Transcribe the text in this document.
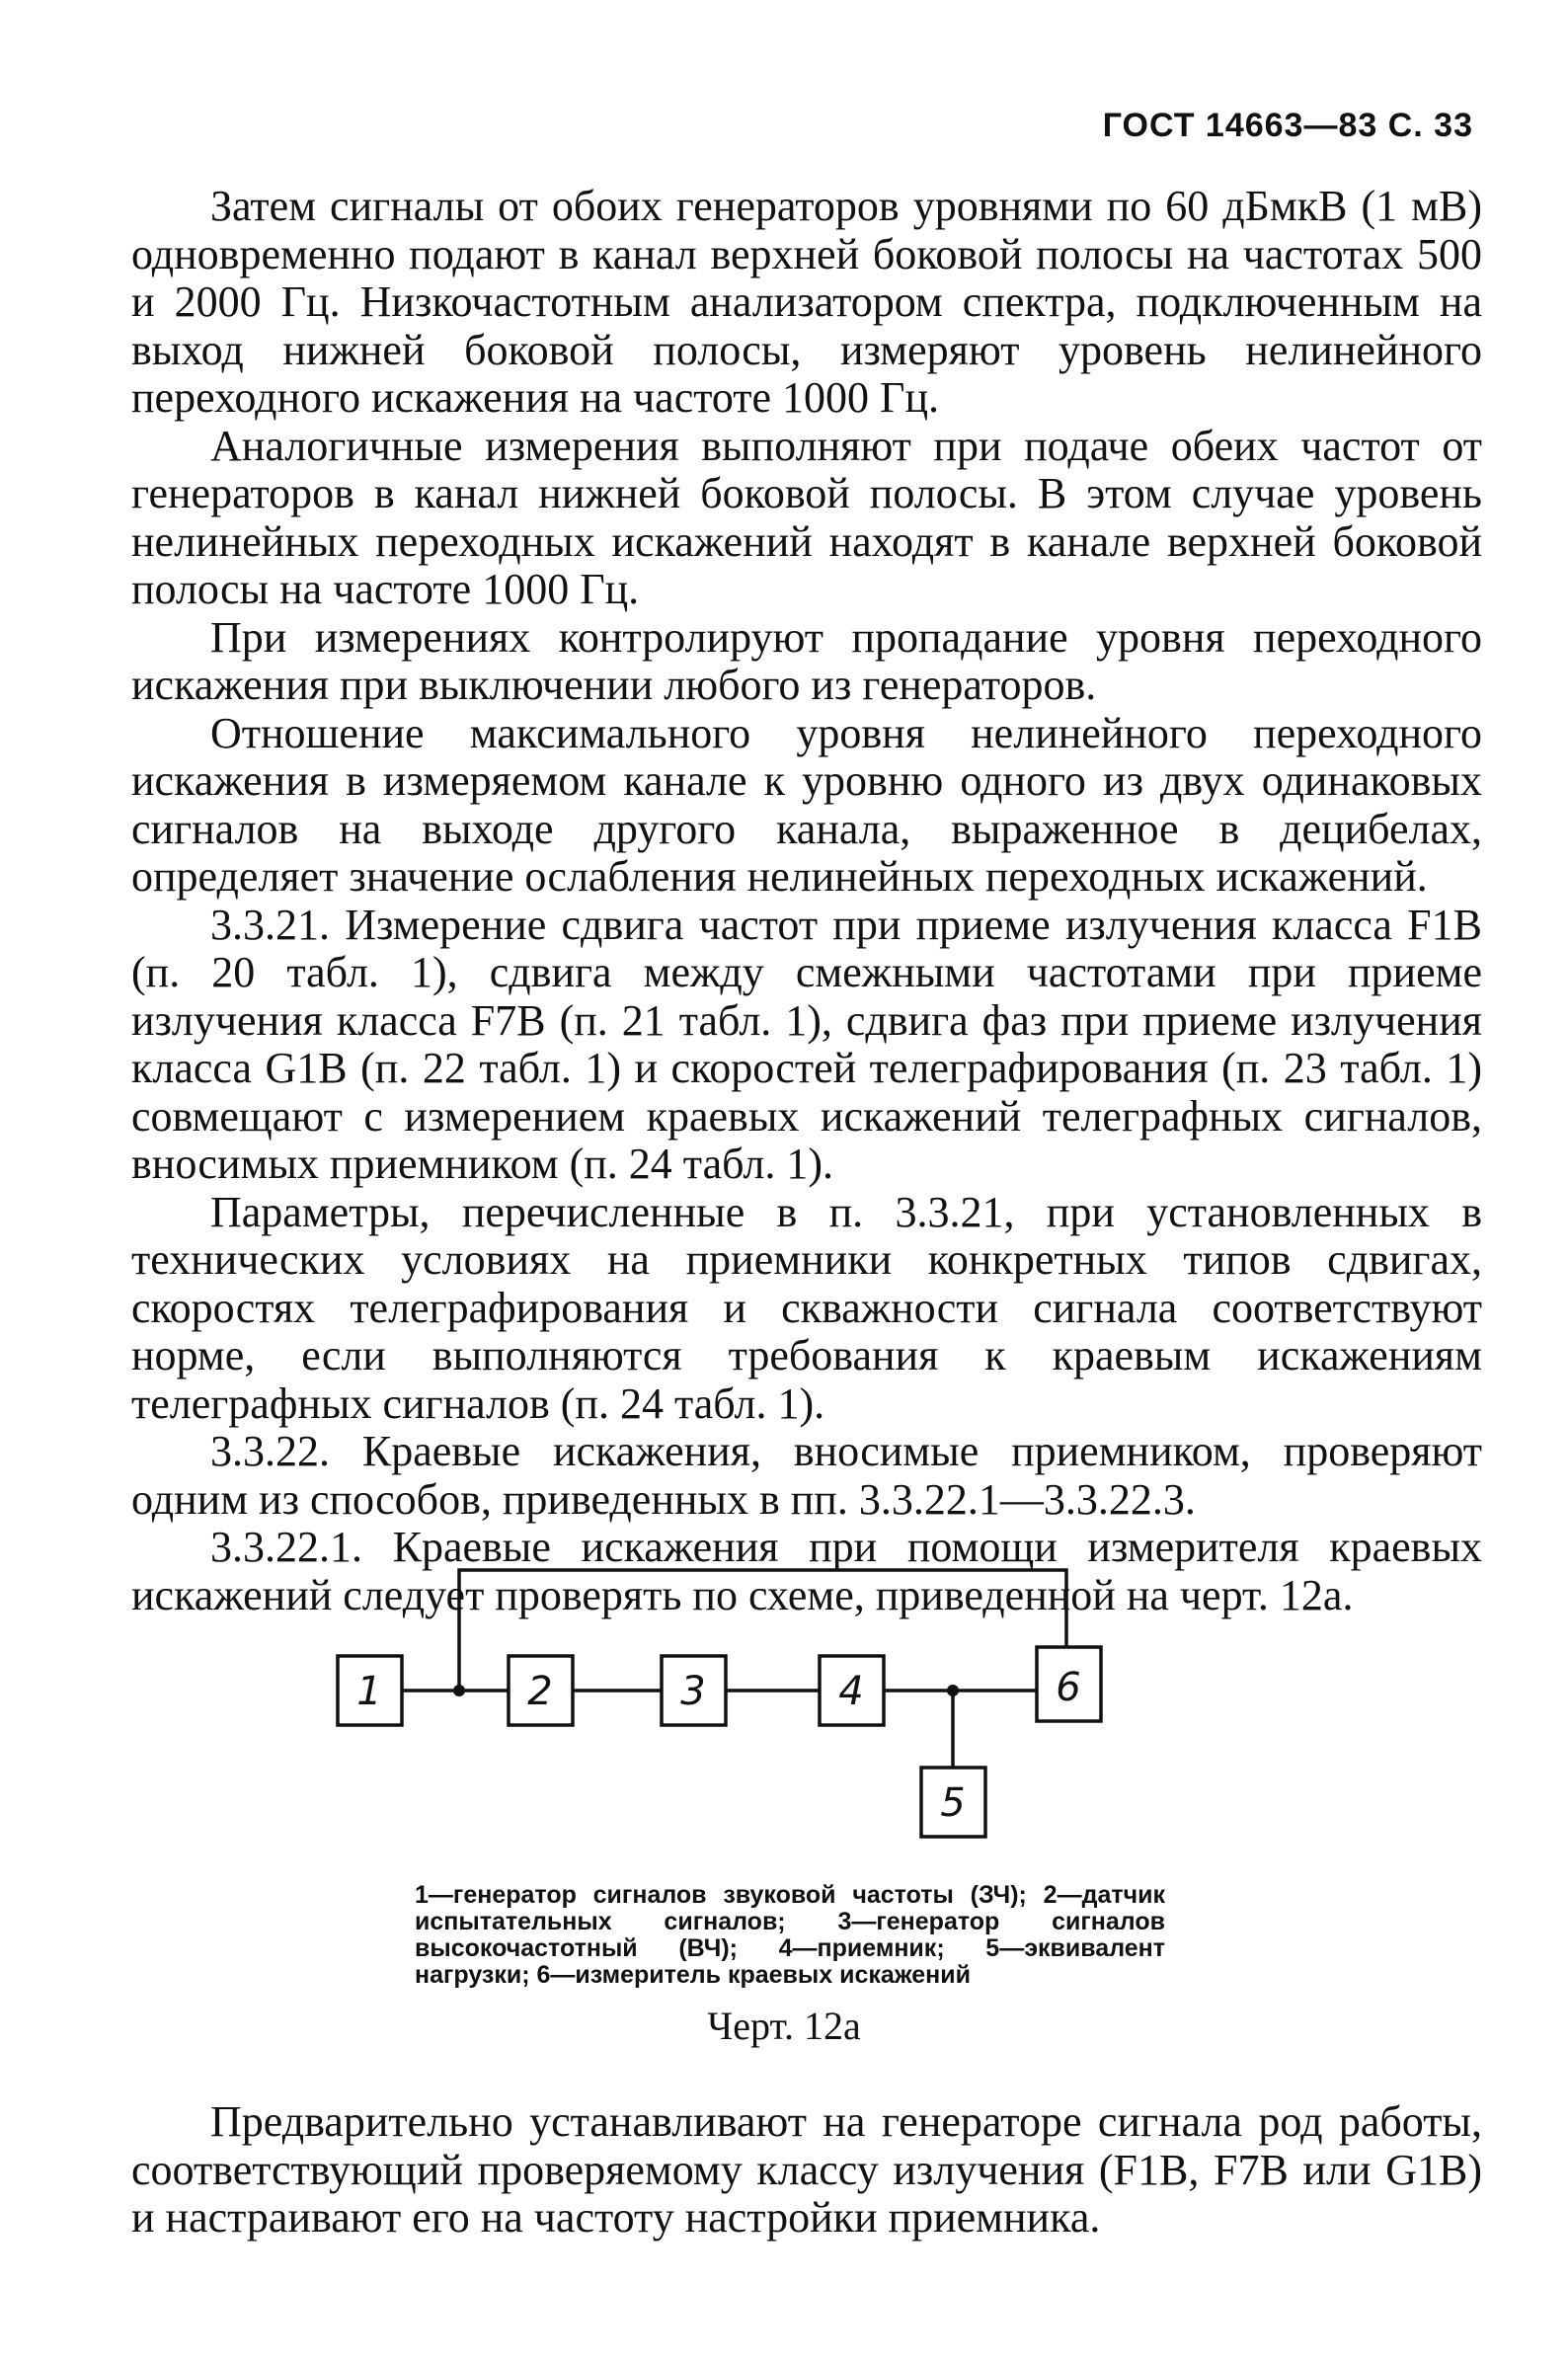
ГОСТ 14663—83 С. 33

Затем сигналы от обоих генераторов уровнями по 60 дБмкВ (1 мВ) одновременно подают в канал верхней боковой полосы на частотах 500 и 2000 Гц. Низкочастотным анализатором спектра, подключенным на выход нижней боковой полосы, измеряют уровень нелинейного переходного искажения на частоте 1000 Гц.

Аналогичные измерения выполняют при подаче обеих частот от генераторов в канал нижней боковой полосы. В этом случае уровень нелинейных переходных искажений находят в канале верхней боковой полосы на частоте 1000 Гц.

При измерениях контролируют пропадание уровня переходного искажения при выключении любого из генераторов.

Отношение максимального уровня нелинейного переходного искажения в измеряемом канале к уровню одного из двух одинаковых сигналов на выходе другого канала, выраженное в децибелах, определяет значение ослабления нелинейных переходных искажений.

3.3.21. Измерение сдвига частот при приеме излучения класса F1B (п. 20 табл. 1), сдвига между смежными частотами при приеме излучения класса F7B (п. 21 табл. 1), сдвига фаз при приеме излучения класса G1B (п. 22 табл. 1) и скоростей телеграфирования (п. 23 табл. 1) совмещают с измерением краевых искажений телеграфных сигналов, вносимых приемником (п. 24 табл. 1).

Параметры, перечисленные в п. 3.3.21, при установленных в технических условиях на приемники конкретных типов сдвигах, скоростях телеграфирования и скважности сигнала соответствуют норме, если выполняются требования к краевым искажениям телеграфных сигналов (п. 24 табл. 1).

3.3.22. Краевые искажения, вносимые приемником, проверяют одним из способов, приведенных в пп. 3.3.22.1—3.3.22.3.

3.3.22.1. Краевые искажения при помощи измерителя краевых искажений следует проверять по схеме, приведенной на черт. 12а.

1	2	3	4	6
5
1—генератор сигналов звуковой частоты (ЗЧ); 2—датчик испытательных сигналов; 3—генератор сигналов высокочастотный (ВЧ); 4—приемник; 5—эквивалент нагрузки; 6—измеритель краевых искажений
Черт. 12а

Предварительно устанавливают на генераторе сигнала род работы, соответствующий проверяемому классу излучения (F1B, F7B или G1B) и настраивают его на частоту настройки приемника.
